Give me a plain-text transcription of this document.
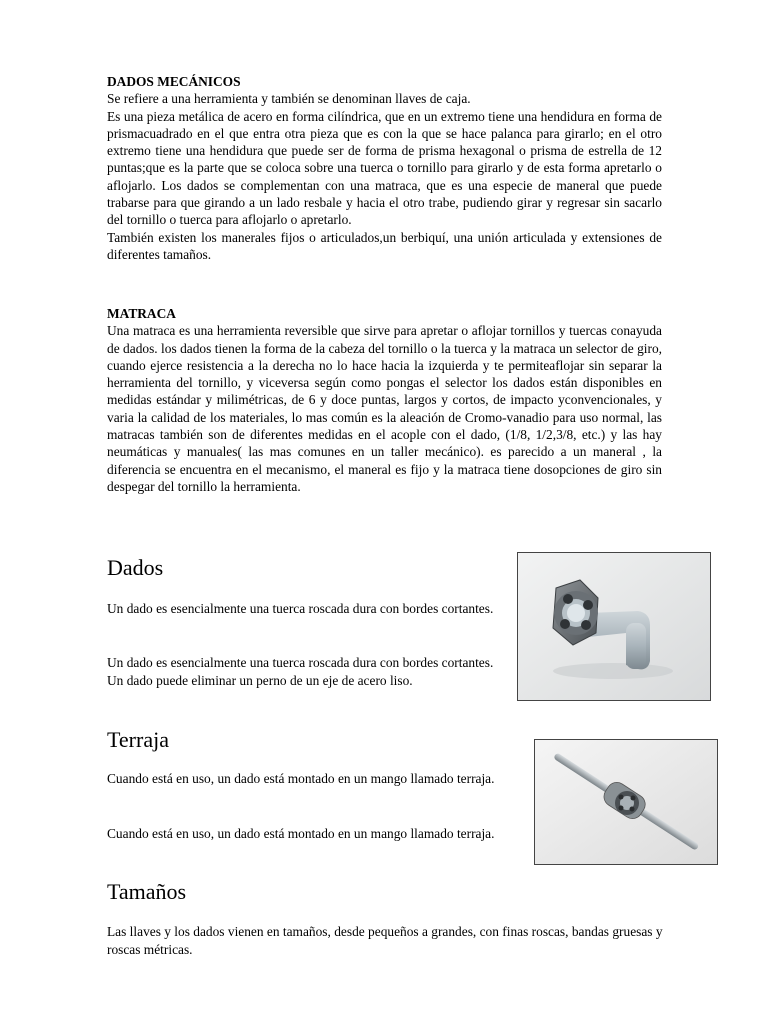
DADOS MECÁNICOS
Se refiere a una herramienta y también se denominan llaves de caja.
Es una pieza metálica de acero en forma cilíndrica, que en un extremo tiene una hendidura en forma de prismacuadrado en el que entra otra pieza que es con la que se hace palanca para girarlo; en el otro extremo tiene una hendidura que puede ser de forma de prisma hexagonal o prisma de estrella de 12 puntas;que es la parte que se coloca sobre una tuerca o tornillo para girarlo y de esta forma apretarlo o aflojarlo. Los dados se complementan con una matraca, que es una especie de maneral que puede trabarse para que girando a un lado resbale y hacia el otro trabe, pudiendo girar y regresar sin sacarlo del tornillo o tuerca para aflojarlo o apretarlo.
También existen los manerales fijos o articulados,un berbiquí, una unión articulada y extensiones de diferentes tamaños.
MATRACA
Una matraca es una herramienta reversible que sirve para apretar o aflojar tornillos y tuercas conayuda de dados. los dados tienen la forma de la cabeza del tornillo o la tuerca y la matraca un selector de giro, cuando ejerce resistencia a la derecha no lo hace hacia la izquierda y te permiteaflojar sin separar la herramienta del tornillo, y viceversa según como pongas el selector los dados están disponibles en medidas estándar y milimétricas, de 6 y doce puntas, largos y cortos, de impacto yconvencionales, y varia la calidad de los materiales, lo mas común es la aleación de Cromo-vanadio para uso normal, las matracas también son de diferentes medidas en el acople con el dado, (1/8, 1/2,3/8, etc.) y las hay neumáticas y manuales( las mas comunes en un taller mecánico). es parecido a un maneral , la diferencia se encuentra en el mecanismo, el maneral es fijo y la matraca tiene dosopciones de giro sin despegar del tornillo la herramienta.
Dados

Un dado es esencialmente una tuerca roscada dura con bordes cortantes.

Un dado es esencialmente una tuerca roscada dura con bordes cortantes. Un dado puede eliminar un perno de un eje de acero liso.

Terraja

Cuando está en uso, un dado está montado en un mango llamado terraja.

Cuando está en uso, un dado está montado en un mango llamado terraja.

Tamaños

Las llaves y los dados vienen en tamaños, desde pequeños a grandes, con finas roscas, bandas gruesas y roscas métricas.
